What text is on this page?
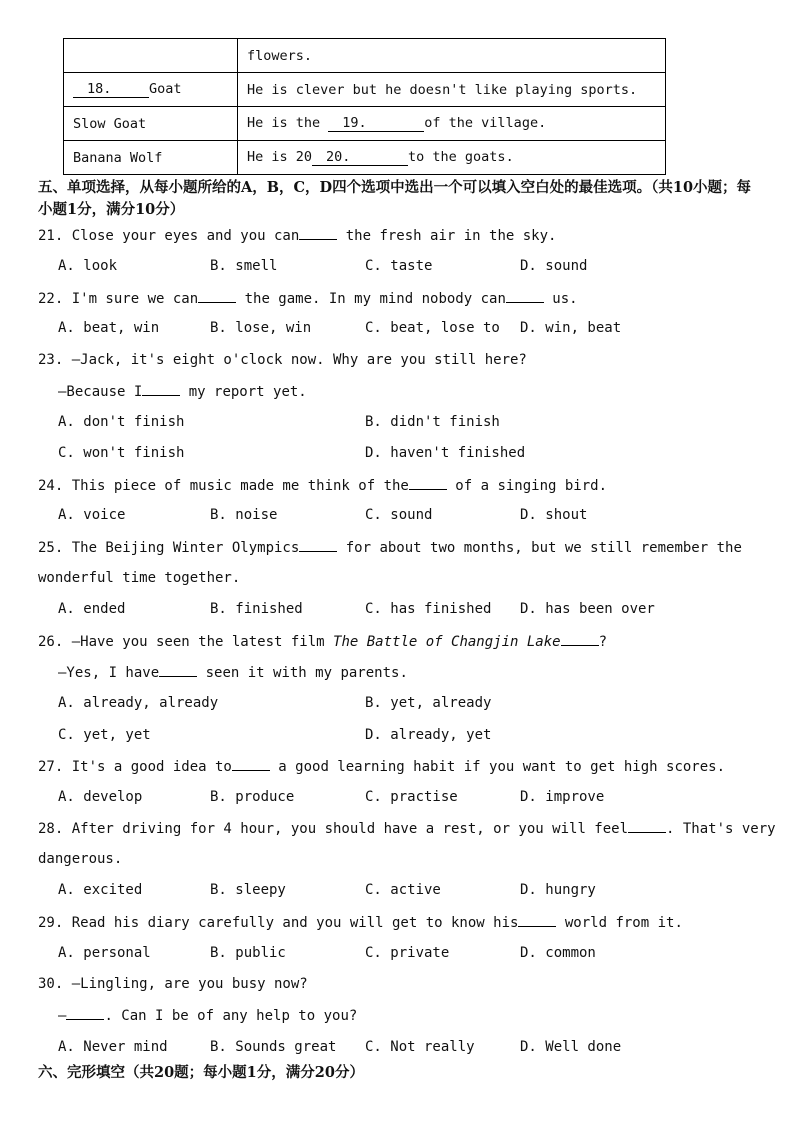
	flowers.
18. Goat	He is clever but he doesn't like playing sports.
Slow Goat	He is the 19. of the village.
Banana Wolf	He is 20 20. to the goats.
五、单项选择，从每小题所给的A，B，C，D四个选项中选出一个可以填入空白处的最佳选项。（共10小题；每小题1分，满分10分）
21. Close your eyes and you can	the fresh air in the sky.
A. look	B. smell	C. taste	D. sound
22. I'm sure we can	the game. In my mind nobody can	us.
A. beat, win	B. lose, win	C. beat, lose to D. win, beat
23. —Jack, it's eight o'clock now. Why are you still here?
—Because I	my report yet.
A. don't finish	B. didn't finish
C. won't finish	D. haven't finished
24. This piece of music made me think of the	of a singing bird.
A. voice	B. noise	C. sound	D. shout
25. The Beijing Winter Olympics	for about two months, but we still remember the
wonderful time together.
A. ended	B. finished	C. has finished D. has been over
26. —Have you seen the latest film The Battle of Changjin Lake	?
—Yes, I have	seen it with my parents.
A. already, already	B. yet, already
C. yet, yet	D. already, yet
27. It's a good idea to	a good learning habit if you want to get high scores.
A. develop	B. produce	C. practise	D. improve
28. After driving for 4 hour, you should have a rest, or you will feel	. That's very
dangerous.
A. excited	B. sleepy	C. active	D. hungry
29. Read his diary carefully and you will get to know his	world from it.
A. personal	B. public	C. private	D. common
30. —Lingling, are you busy now?
—	. Can I be of any help to you?
A. Never mind	B. Sounds great C. Not really	D. Well done
六、完形填空（共20题；每小题1分，满分20分）
